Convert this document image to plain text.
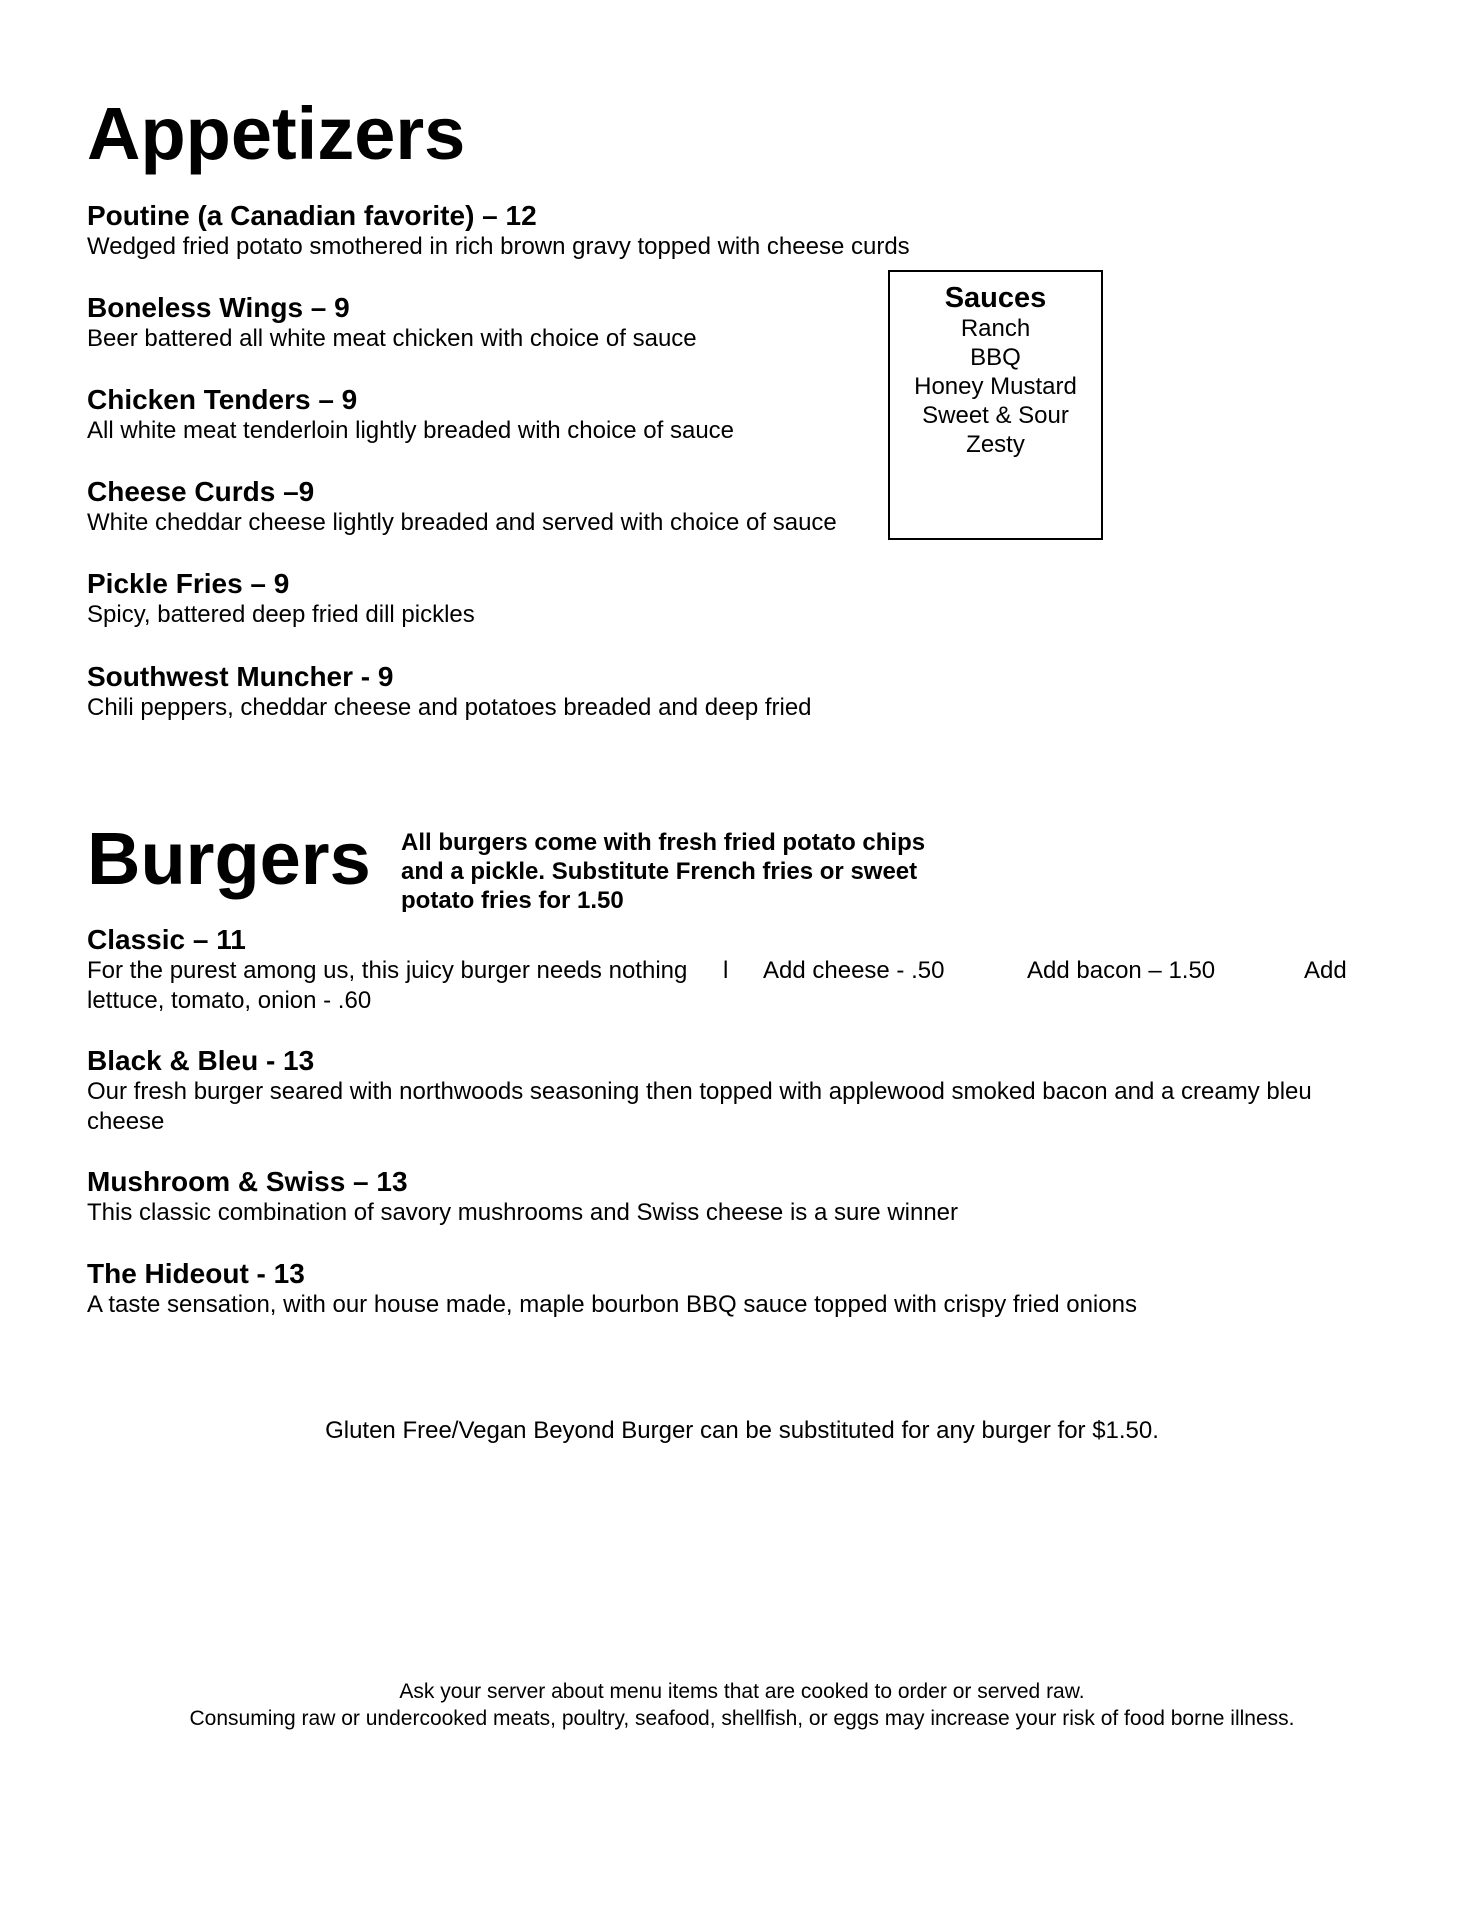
Appetizers
Poutine (a Canadian favorite) – 12
Wedged fried potato smothered in rich brown gravy topped with cheese curds
Boneless Wings – 9
Beer battered all white meat chicken with choice of sauce
Chicken Tenders – 9
All white meat tenderloin lightly breaded with choice of sauce
Cheese Curds –9
White cheddar cheese lightly breaded and served with choice of sauce
Pickle Fries – 9
Spicy, battered deep fried dill pickles
Southwest Muncher - 9
Chili peppers, cheddar cheese and potatoes breaded and deep fried
Sauces
Ranch
BBQ
Honey Mustard
Sweet & Sour
Zesty
Burgers All burgers come with fresh fried potato chips and a pickle. Substitute French fries or sweet potato fries for 1.50
Classic – 11
For the purest among us, this juicy burger needs nothing l Add cheese - .50	Add bacon – 1.50	Add
lettuce, tomato, onion - .60
Black & Bleu - 13
Our fresh burger seared with northwoods seasoning then topped with applewood smoked bacon and a creamy bleu cheese
Mushroom & Swiss – 13
This classic combination of savory mushrooms and Swiss cheese is a sure winner
The Hideout - 13
A taste sensation, with our house made, maple bourbon BBQ sauce topped with crispy fried onions
Gluten Free/Vegan Beyond Burger can be substituted for any burger for $1.50.
Ask your server about menu items that are cooked to order or served raw.
Consuming raw or undercooked meats, poultry, seafood, shellfish, or eggs may increase your risk of food borne illness.
